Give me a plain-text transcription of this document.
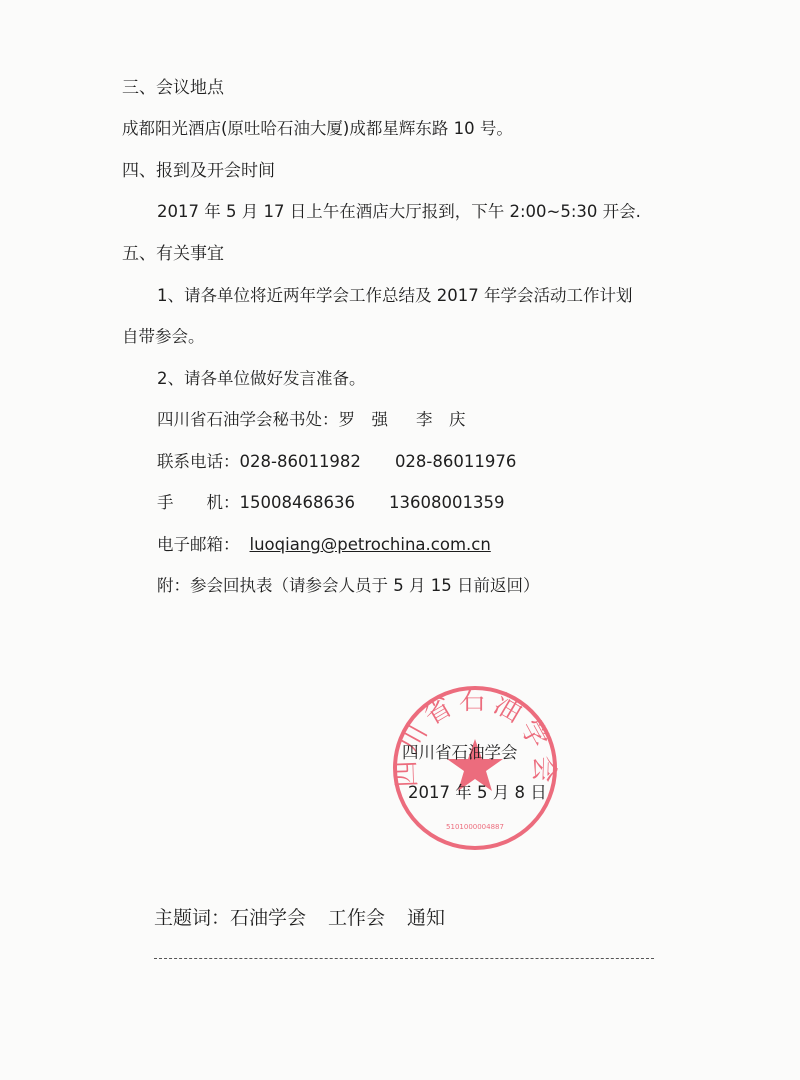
三、会议地点
成都阳光酒店(原吐哈石油大厦)成都星辉东路 10 号。
四、报到及开会时间
2017 年 5 月 17 日上午在酒店大厅报到，下午 2:00~5:30 开会.
五、有关事宜
1、请各单位将近两年学会工作总结及 2017 年学会活动工作计划
自带参会。
2、请各单位做好发言准备。
四川省石油学会秘书处：罗　强 李　庆
联系电话：028-86011982 028-86011976
手　　机：15008468636 13608001359
电子邮箱： luoqiang@petrochina.com.cn
附：参会回执表（请参会人员于 5 月 15 日前返回）
四川省石油学会
5101000004887
四川省石油学会
2017 年 5 月 8 日
主题词：石油学会 工作会 通知
